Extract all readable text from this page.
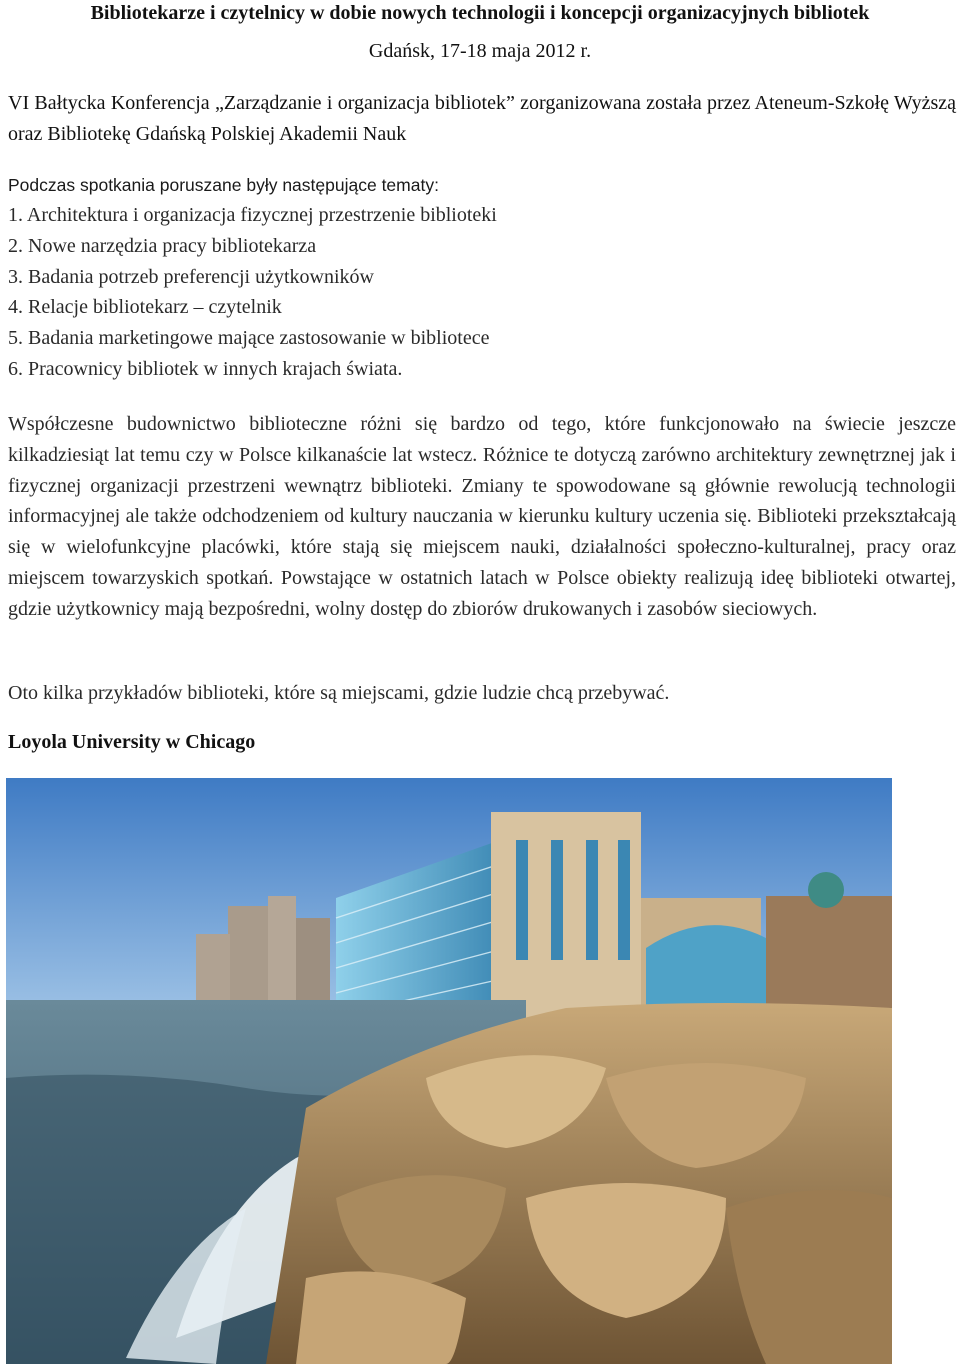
Bibliotekarze i czytelnicy w dobie nowych technologii i koncepcji organizacyjnych bibliotek
Gdańsk, 17-18 maja 2012 r.

VI Bałtycka Konferencja „Zarządzanie i organizacja bibliotek” zorganizowana została przez Ateneum-Szkołę Wyższą oraz Bibliotekę Gdańską Polskiej Akademii Nauk

Podczas spotkania poruszane były następujące tematy:
1. Architektura i organizacja fizycznej przestrzenie biblioteki
2. Nowe narzędzia pracy bibliotekarza
3. Badania potrzeb preferencji użytkowników
4. Relacje bibliotekarz – czytelnik
5. Badania marketingowe mające zastosowanie w bibliotece
6. Pracownicy bibliotek w innych krajach świata.

Współczesne budownictwo biblioteczne różni się bardzo od tego, które funkcjonowało na świecie jeszcze kilkadziesiąt lat temu czy w Polsce kilkanaście lat wstecz. Różnice te dotyczą zarówno architektury zewnętrznej jak i fizycznej organizacji przestrzeni wewnątrz biblioteki. Zmiany te spowodowane są głównie rewolucją technologii informacyjnej ale także odchodzeniem od kultury nauczania w kierunku kultury uczenia się. Biblioteki przekształcają się w wielofunkcyjne placówki, które stają się miejscem nauki, działalności społeczno-kulturalnej, pracy oraz miejscem towarzyskich spotkań. Powstające w ostatnich latach w Polsce obiekty realizują ideę biblioteki otwartej, gdzie użytkownicy mają bezpośredni, wolny dostęp do zbiorów drukowanych i zasobów sieciowych.

Oto kilka przykładów biblioteki, które są miejscami, gdzie ludzie chcą przebywać.

Loyola University w Chicago
